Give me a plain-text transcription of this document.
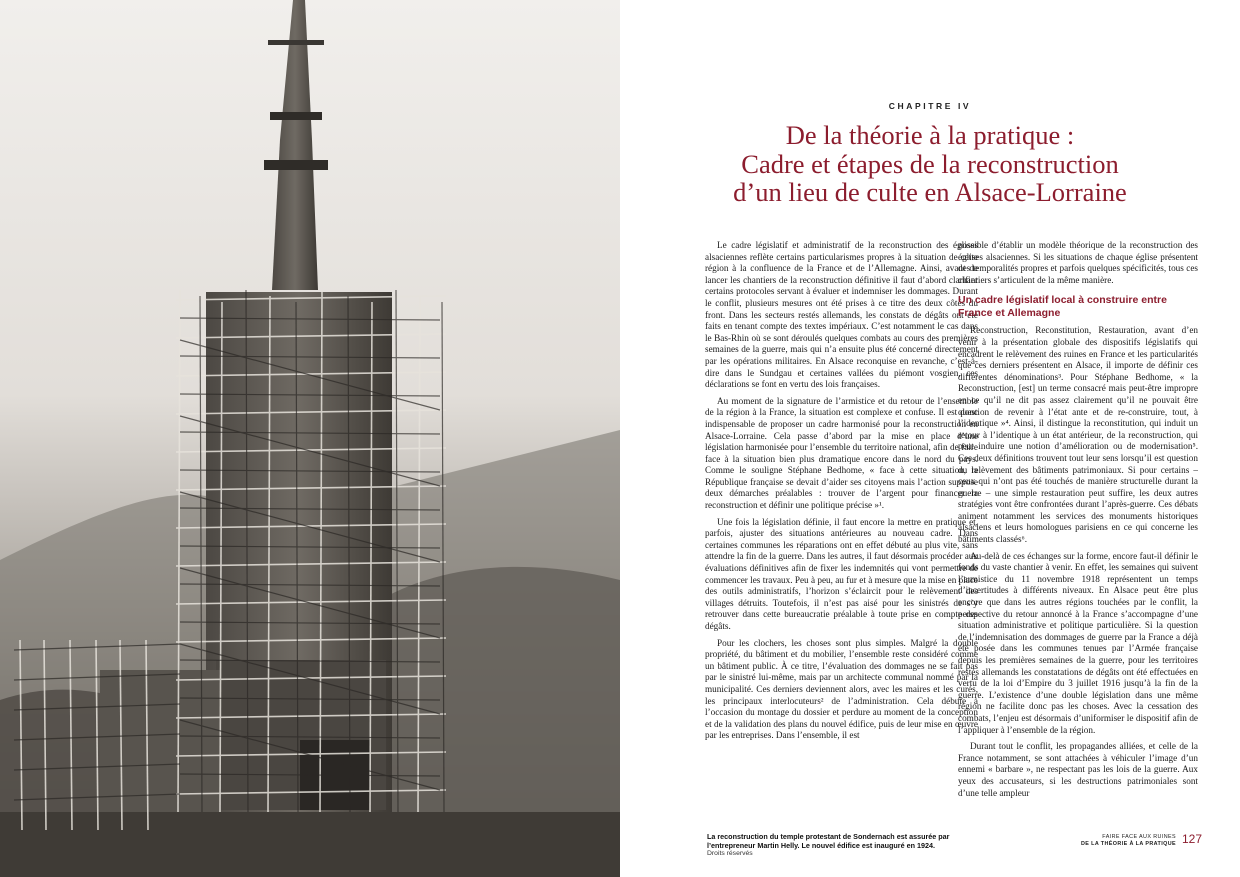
CHAPITRE IV
De la théorie à la pratique :
Cadre et étapes de la reconstruction
d’un lieu de culte en Alsace-Lorraine

Le cadre législatif et administratif de la reconstruction des églises alsaciennes reflète certains particularismes propres à la situation de cette région à la confluence de la France et de l’Allemagne. Ainsi, avant de lancer les chantiers de la reconstruction définitive il faut d’abord clarifier certains protocoles servant à évaluer et indemniser les dommages. Durant le conflit, plusieurs mesures ont été prises à ce titre des deux côtés du front. Dans les secteurs restés allemands, les constats de dégâts ont été faits en tenant compte des textes impériaux. C’est notamment le cas dans le Bas-Rhin où se sont déroulés quelques combats au cours des premières semaines de la guerre, mais qui n’a ensuite plus été concerné directement par les opérations militaires. En Alsace reconquise en revanche, c’est-à-dire dans le Sundgau et certaines vallées du piémont vosgien, ces déclarations se font en vertu des lois françaises.

Au moment de la signature de l’armistice et du retour de l’ensemble de la région à la France, la situation est complexe et confuse. Il est donc indispensable de proposer un cadre harmonisé pour la reconstruction en Alsace-Lorraine. Cela passe d’abord par la mise en place d’une législation harmonisée pour l’ensemble du territoire national, afin de faire face à la situation bien plus dramatique encore dans le nord du pays. Comme le souligne Stéphane Bedhome, « face à cette situation, la République française se devait d’aider ses citoyens mais l’action suppose deux démarches préalables : trouver de l’argent pour financer la reconstruction et définir une politique précise »¹.

Une fois la législation définie, il faut encore la mettre en pratique et, parfois, ajuster des situations antérieures au nouveau cadre. Dans certaines communes les réparations ont en effet débuté au plus vite, sans attendre la fin de la guerre. Dans les autres, il faut désormais procéder aux évaluations définitives afin de fixer les indemnités qui vont permettre de commencer les travaux. Peu à peu, au fur et à mesure que la mise en place des outils administratifs, l’horizon s’éclaircit pour le relèvement des villages détruits. Toutefois, il n’est pas aisé pour les sinistrés de s’y retrouver dans cette bureaucratie préalable à toute prise en compte des dégâts.

Pour les clochers, les choses sont plus simples. Malgré la double propriété, du bâtiment et du mobilier, l’ensemble reste considéré comme un bâtiment public. À ce titre, l’évaluation des dommages ne se fait pas par le sinistré lui-même, mais par un architecte communal nommé par la municipalité. Ces derniers deviennent alors, avec les maires et les curés, les principaux interlocuteurs² de l’administration. Cela débute à l’occasion du montage du dossier et perdure au moment de la conception et de la validation des plans du nouvel édifice, puis de leur mise en œuvre par les entreprises. Dans l’ensemble, il est

possible d’établir un modèle théorique de la reconstruction des églises alsaciennes. Si les situations de chaque église présentent des temporalités propres et parfois quelques spécificités, tous ces chantiers s’articulent de la même manière.

Un cadre législatif local à construire entre France et Allemagne

Reconstruction, Reconstitution, Restauration, avant d’en venir à la présentation globale des dispositifs législatifs qui encadrent le relèvement des ruines en France et les particularités que ces derniers présentent en Alsace, il importe de définir ces différentes dénominations³. Pour Stéphane Bedhome, « la Reconstruction, [est] un terme consacré mais peut-être impropre en ce qu’il ne dit pas assez clairement qu’il ne pouvait être question de revenir à l’état ante et de re-construire, tout, à l’identique »⁴. Ainsi, il distingue la reconstitution, qui induit un retour à l’identique à un état antérieur, de la reconstruction, qui peut induire une notion d’amélioration ou de modernisation⁵. Ces deux définitions trouvent tout leur sens lorsqu’il est question du relèvement des bâtiments patrimoniaux. Si pour certains – ceux qui n’ont pas été touchés de manière structurelle durant la guerre – une simple restauration peut suffire, les deux autres stratégies vont être confrontées durant l’après-guerre. Ces débats animent notamment les services des monuments historiques alsaciens et leurs homologues parisiens en ce qui concerne les bâtiments classés⁶.

Au-delà de ces échanges sur la forme, encore faut-il définir le fonds du vaste chantier à venir. En effet, les semaines qui suivent l’armistice du 11 novembre 1918 représentent un temps d’incertitudes à différents niveaux. En Alsace peut être plus encore que dans les autres régions touchées par le conflit, la perspective du retour annoncé à la France s’accompagne d’une situation administrative et politique particulière. Si la question de l’indemnisation des dommages de guerre par la France a déjà été posée dans les communes tenues par l’Armée française depuis les premières semaines de la guerre, pour les territoires restés allemands les constatations de dégâts ont été effectuées en vertu de la loi d’Empire du 3 juillet 1916 jusqu’à la fin de la guerre. L’existence d’une double législation dans une même région ne facilite donc pas les choses. Avec la cessation des combats, l’enjeu est désormais d’uniformiser le dispositif afin de l’appliquer à l’ensemble de la région.

Durant tout le conflit, les propagandes alliées, et celle de la France notamment, se sont attachées à véhiculer l’image d’un ennemi « barbare », ne respectant pas les lois de la guerre. Aux yeux des accusateurs, si les destructions patrimoniales sont d’une telle ampleur

La reconstruction du temple protestant de Sondernach est assurée par l’entrepreneur Martin Helly. Le nouvel édifice est inauguré en 1924.
Droits réservés
FAIRE FACE AUX RUINES
DE LA THÉORIE À LA PRATIQUE 127
